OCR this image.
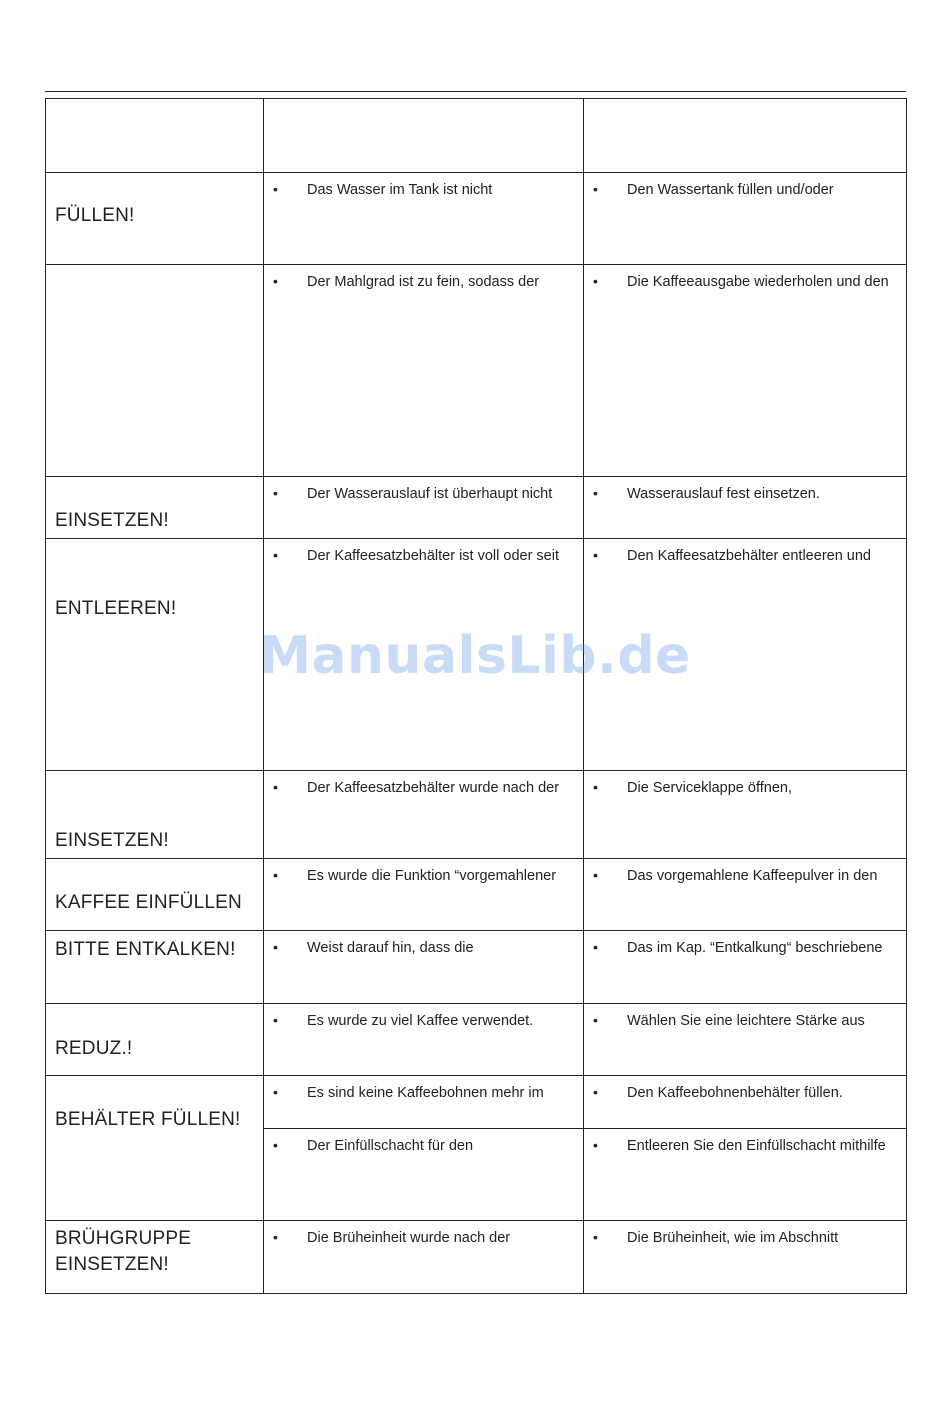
FÜLLEN!	• Das Wasser im Tank ist nicht	• Den Wassertank füllen und/oder

	• Der Mahlgrad ist zu fein, sodass der	• Die Kaffeeausgabe wiederholen und den

EINSETZEN!	• Der Wasserauslauf ist überhaupt nicht	• Wasserauslauf fest einsetzen.

ENTLEEREN!	• Der Kaffeesatzbehälter ist voll oder seit	• Den Kaffeesatzbehälter entleeren und

EINSETZEN!	• Der Kaffeesatzbehälter wurde nach der	• Die Serviceklappe öffnen,

KAFFEE EINFÜLLEN	• Es wurde die Funktion “vorgemahlener	• Das vorgemahlene Kaffeepulver in den

BITTE ENTKALKEN!	• Weist darauf hin, dass die	• Das im Kap. “Entkalkung“ beschriebene

REDUZ.!	• Es wurde zu viel Kaffee verwendet.	• Wählen Sie eine leichtere Stärke aus

BEHÄLTER FÜLLEN!	• Es sind keine Kaffeebohnen mehr im	• Den Kaffeebohnenbehälter füllen.

	• Der Einfüllschacht für den	• Entleeren Sie den Einfüllschacht mithilfe

BRÜHGRUPPE
EINSETZEN!	• Die Brüheinheit wurde nach der	• Die Brüheinheit, wie im Abschnitt
ManualsLib.de
